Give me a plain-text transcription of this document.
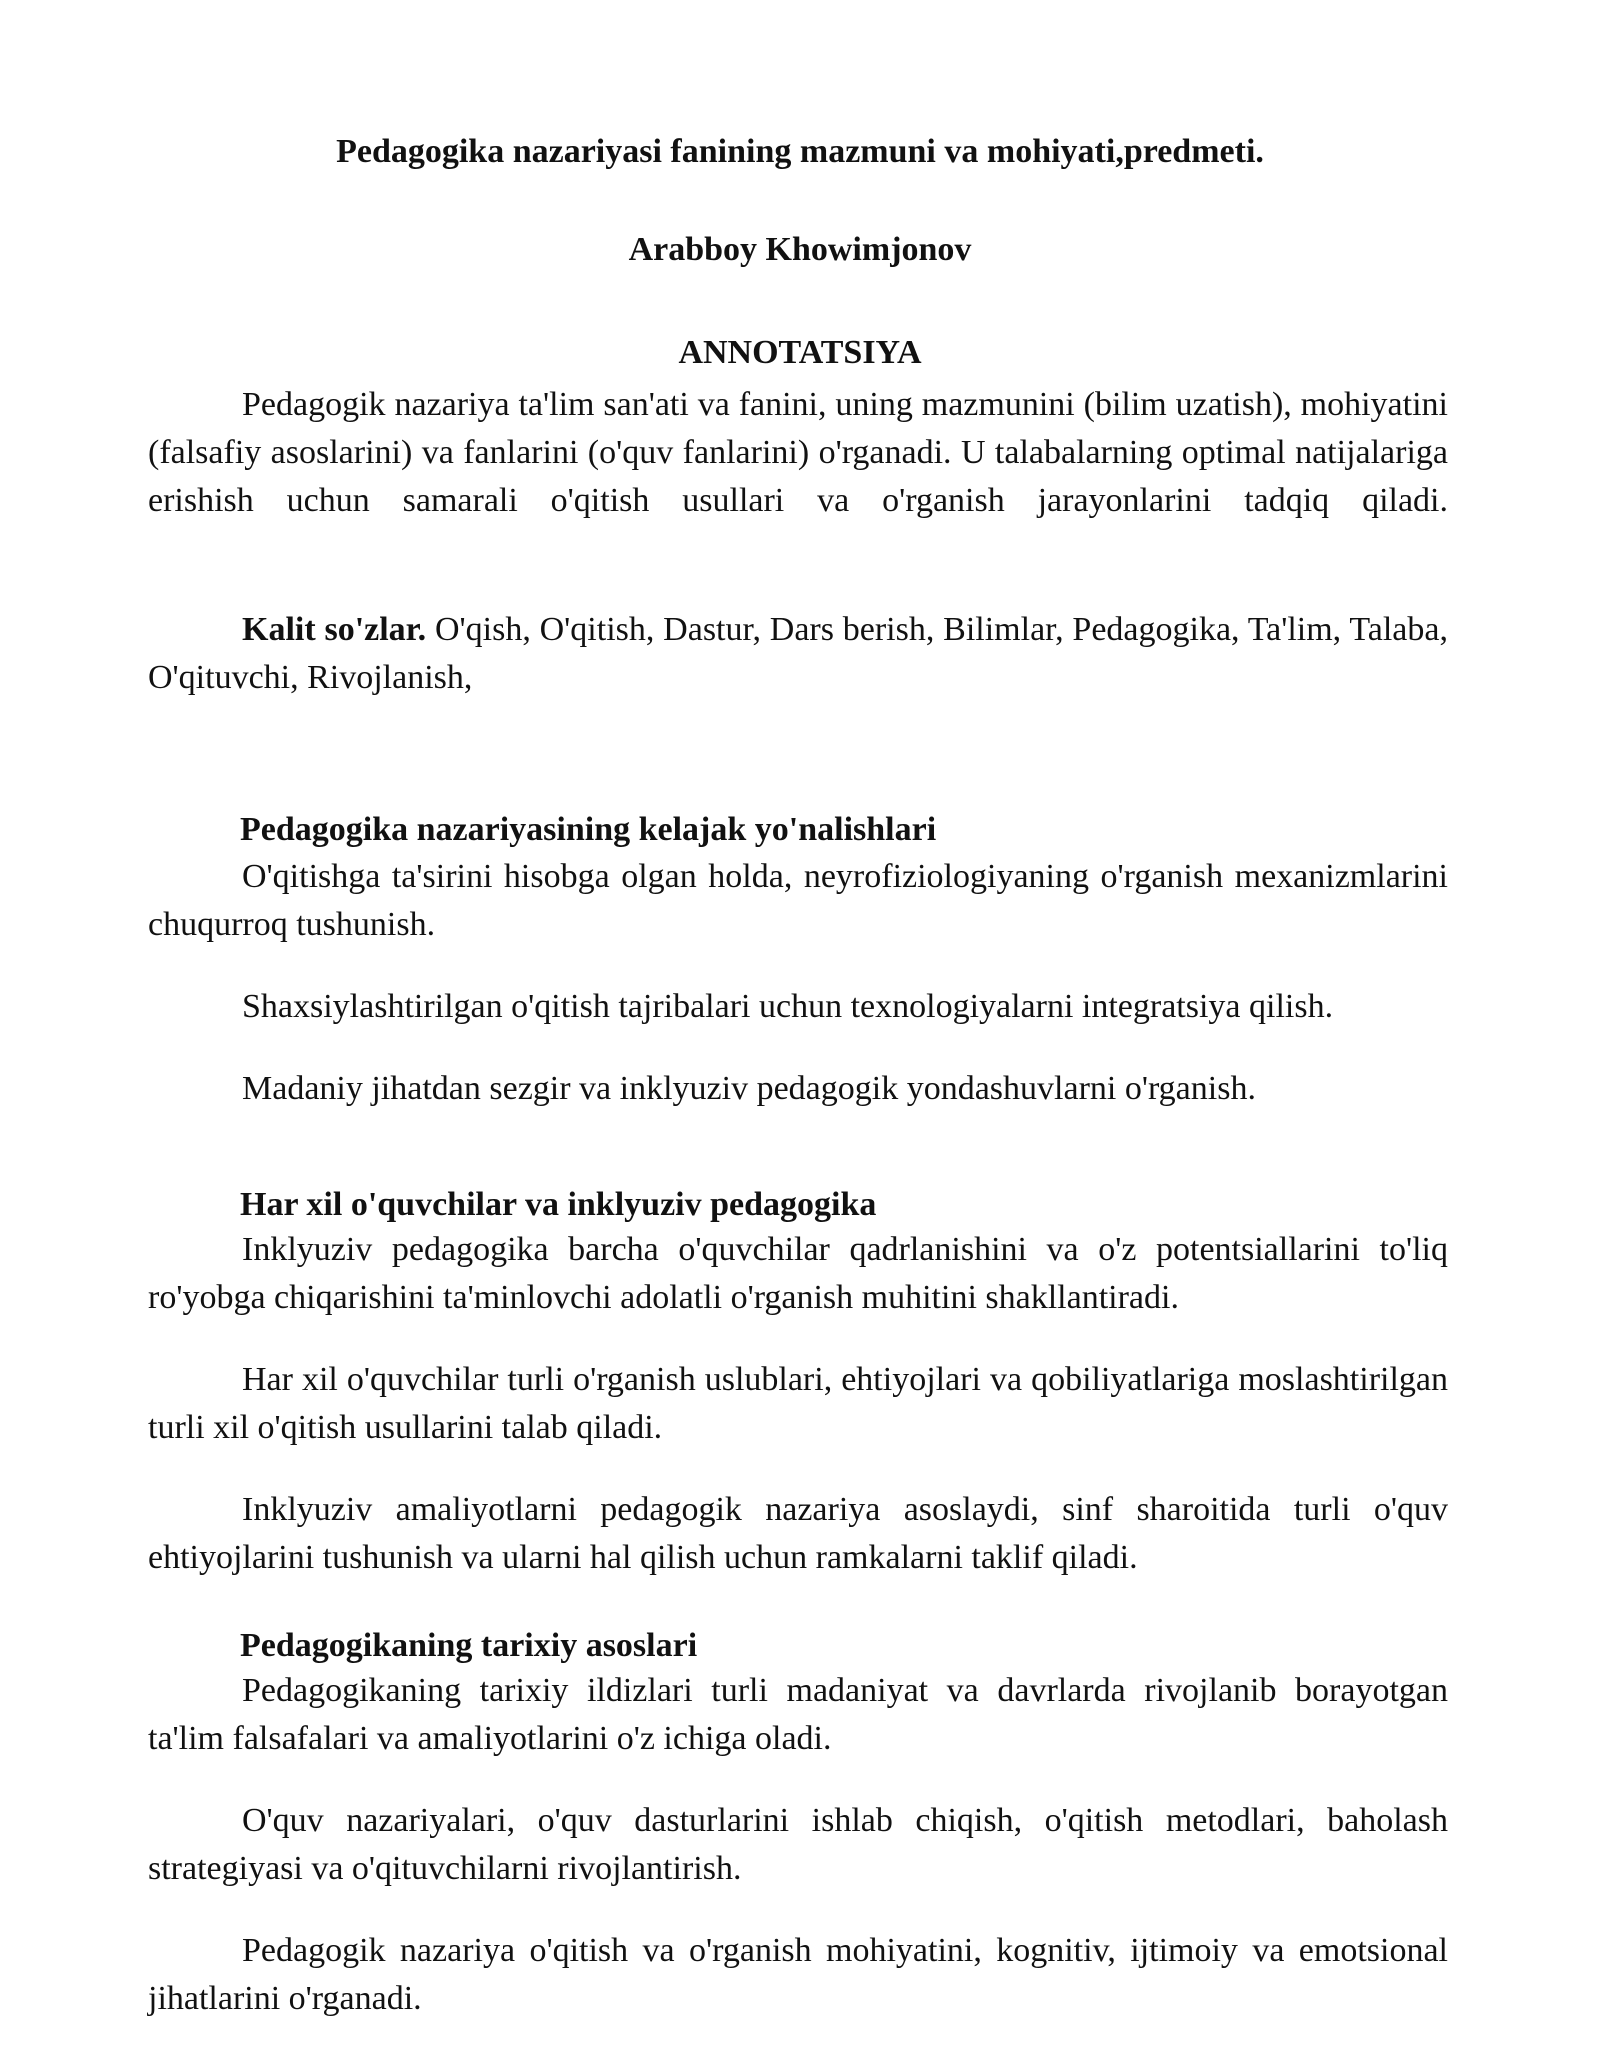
Pedagogika nazariyasi fanining mazmuni va mohiyati,predmeti.
Arabboy Khowimjonov
ANNOTATSIYA

Pedagogik nazariya ta'lim san'ati va fanini, uning mazmunini (bilim uzatish), mohiyatini (falsafiy asoslarini) va fanlarini (o'quv fanlarini) o'rganadi. U talabalarning optimal natijalariga erishish uchun samarali o'qitish usullari va o'rganish jarayonlarini tadqiq qiladi.

Kalit so'zlar. O'qish, O'qitish, Dastur, Dars berish, Bilimlar, Pedagogika, Ta'lim, Talaba, O'qituvchi, Rivojlanish,

Pedagogika nazariyasining kelajak yo'nalishlari

O'qitishga ta'sirini hisobga olgan holda, neyrofiziologiyaning o'rganish mexanizmlarini chuqurroq tushunish.

Shaxsiylashtirilgan o'qitish tajribalari uchun texnologiyalarni integratsiya qilish.

Madaniy jihatdan sezgir va inklyuziv pedagogik yondashuvlarni o'rganish.

Har xil o'quvchilar va inklyuziv pedagogika

Inklyuziv pedagogika barcha o'quvchilar qadrlanishini va o'z potentsiallarini to'liq ro'yobga chiqarishini ta'minlovchi adolatli o'rganish muhitini shakllantiradi.

Har xil o'quvchilar turli o'rganish uslublari, ehtiyojlari va qobiliyatlariga moslashtirilgan turli xil o'qitish usullarini talab qiladi.

Inklyuziv amaliyotlarni pedagogik nazariya asoslaydi, sinf sharoitida turli o'quv ehtiyojlarini tushunish va ularni hal qilish uchun ramkalarni taklif qiladi.

Pedagogikaning tarixiy asoslari

Pedagogikaning tarixiy ildizlari turli madaniyat va davrlarda rivojlanib borayotgan ta'lim falsafalari va amaliyotlarini o'z ichiga oladi.

O'quv nazariyalari, o'quv dasturlarini ishlab chiqish, o'qitish metodlari, baholash strategiyasi va o'qituvchilarni rivojlantirish.

Pedagogik nazariya o'qitish va o'rganish mohiyatini, kognitiv, ijtimoiy va emotsional jihatlarini o'rganadi.
